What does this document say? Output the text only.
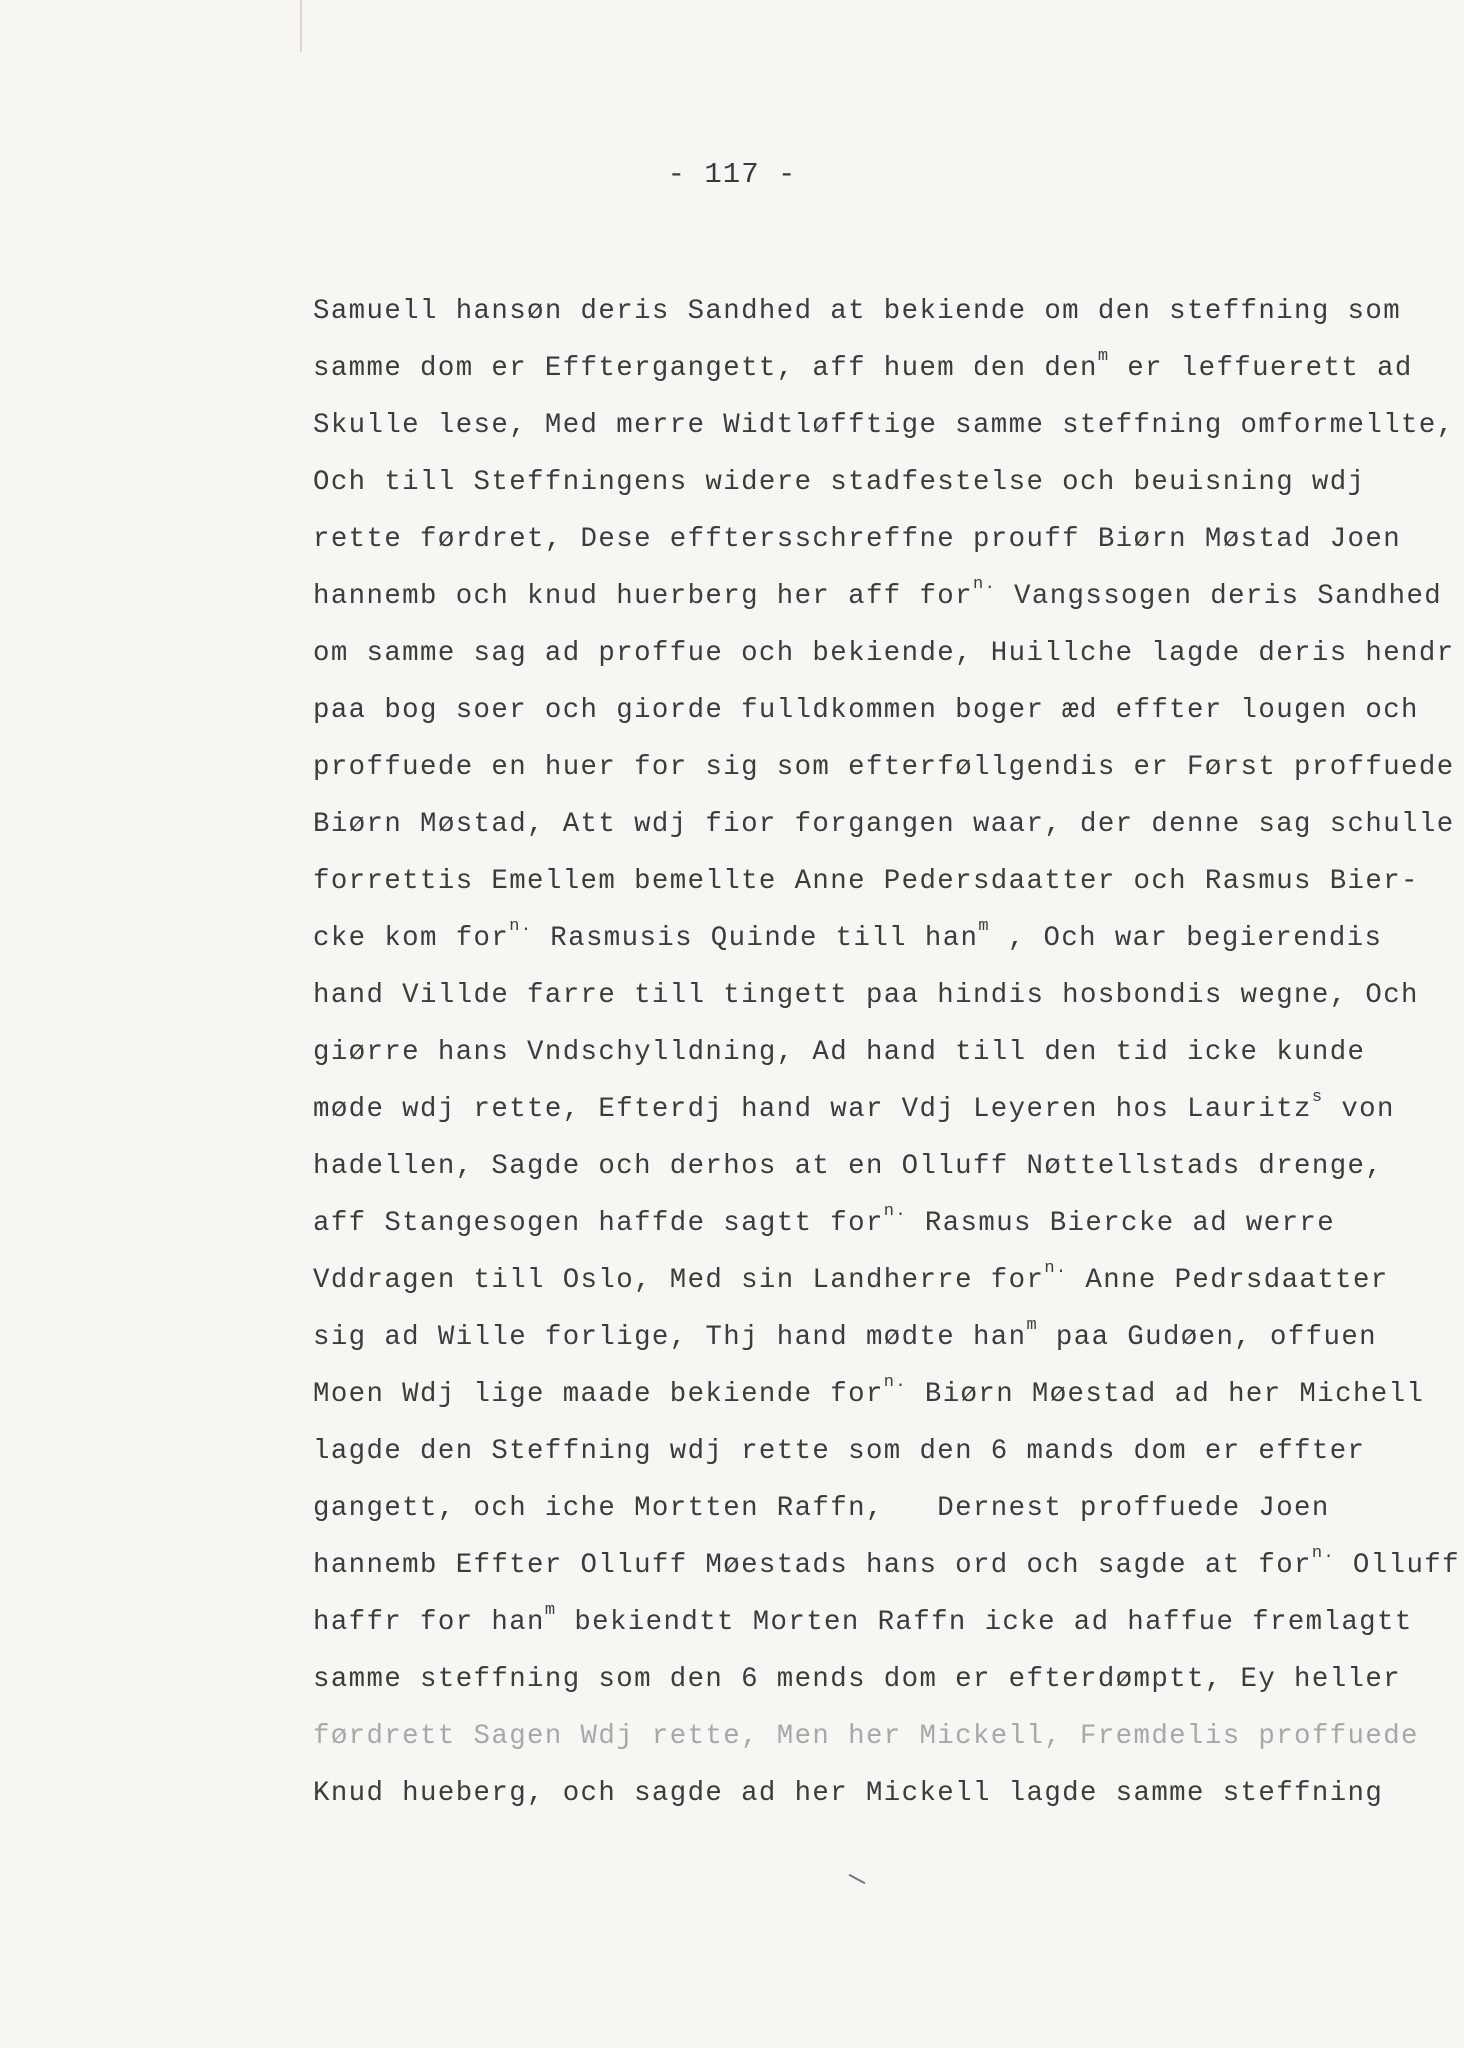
- 117 -
Samuell hansøn deris Sandhed at bekiende om den steffning som
samme dom er Efftergangett, aff huem den den$^m$ er leffuerett ad
Skulle lese, Med merre Widtløfftige samme steffning omformellte,
Och till Steffningens widere stadfestelse och beuisning wdj
rette førdret, Dese efftersschreffne prouff Biørn Møstad Joen
hannemb och knud huerberg her aff for$^{n.}$ Vangssogen deris Sandhed
om samme sag ad proffue och bekiende, Huillche lagde deris hendr
paa bog soer och giorde fulldkommen boger æd effter lougen och
proffuede en huer for sig som efterføllgendis er Først proffuede
Biørn Møstad, Att wdj fior forgangen waar, der denne sag schulle
forrettis Emellem bemellte Anne Pedersdaatter och Rasmus Bier-
cke kom for$^{n.}$ Rasmusis Quinde till han$^m$ , Och war begierendis
hand Villde farre till tingett paa hindis hosbondis wegne, Och
giørre hans Vndschylldning, Ad hand till den tid icke kunde
møde wdj rette, Efterdj hand war Vdj Leyeren hos Lauritz$^s$ von
hadellen, Sagde och derhos at en Olluff Nøttellstads drenge,
aff Stangesogen haffde sagtt for$^{n.}$ Rasmus Biercke ad werre
Vddragen till Oslo, Med sin Landherre for$^{n.}$ Anne Pedrsdaatter
sig ad Wille forlige, Thj hand mødte han$^m$ paa Gudøen, offuen
Moen Wdj lige maade bekiende for$^{n.}$ Biørn Møestad ad her Michell
lagde den Steffning wdj rette som den 6 mands dom er effter
gangett, och iche Mortten Raffn,   Dernest proffuede Joen
hannemb Effter Olluff Møestads hans ord och sagde at for$^{n.}$ Olluff
haffr for han$^m$ bekiendtt Morten Raffn icke ad haffue fremlagtt
samme steffning som den 6 mends dom er efterdømptt, Ey heller
førdrett Sagen Wdj rette, Men her Mickell, Fremdelis proffuede
Knud hueberg, och sagde ad her Mickell lagde samme steffning
